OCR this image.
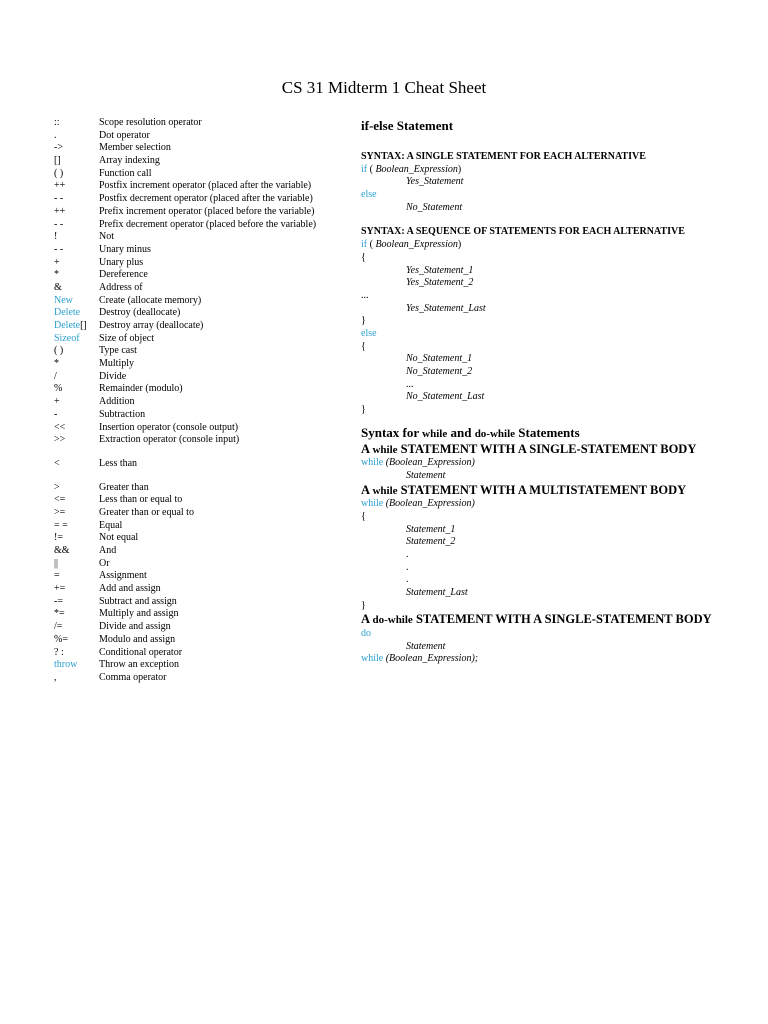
CS 31 Midterm 1 Cheat Sheet
::	Scope resolution operator
.	Dot operator
->	Member selection
[]	Array indexing
( )	Function call
++	Postfix increment operator (placed after the variable)
- -	Postfix decrement operator (placed after the variable)
++	Prefix increment operator (placed before the variable)
- -	Prefix decrement operator (placed before the variable)
!	Not
- -	Unary minus
+	Unary plus
*	Dereference
&	Address of
New	Create (allocate memory)
Delete	Destroy (deallocate)
Delete[]	Destroy array (deallocate)
Sizeof	Size of object
( )	Type cast
*	Multiply
/	Divide
%	Remainder (modulo)
+	Addition
-	Subtraction
<<	Insertion operator (console output)
>>	Extraction operator (console input)
<	Less than
>	Greater than
<=	Less than or equal to
>=	Greater than or equal to
= =	Equal
!=	Not equal
&&	And
||	Or
=	Assignment
+=	Add and assign
-=	Subtract and assign
*=	Multiply and assign
/=	Divide and assign
%=	Modulo and assign
? :	Conditional operator
throw	Throw an exception
,	Comma operator
if-else Statement
SYNTAX: A SINGLE STATEMENT FOR EACH ALTERNATIVE
if ( Boolean_Expression)
Yes_Statement
else
No_Statement
SYNTAX: A SEQUENCE OF STATEMENTS FOR EACH ALTERNATIVE
if ( Boolean_Expression)
{
Yes_Statement_1
Yes_Statement_2
...
Yes_Statement_Last
}
else
{
No_Statement_1
No_Statement_2
...
No_Statement_Last
}
Syntax for while and do-while Statements
A while STATEMENT WITH A SINGLE-STATEMENT BODY
while (Boolean_Expression)
Statement
A while STATEMENT WITH A MULTISTATEMENT BODY
while (Boolean_Expression)
{
Statement_1
Statement_2
.
.
.
Statement_Last
}
A do-while STATEMENT WITH A SINGLE-STATEMENT BODY
do
Statement
while (Boolean_Expression);
